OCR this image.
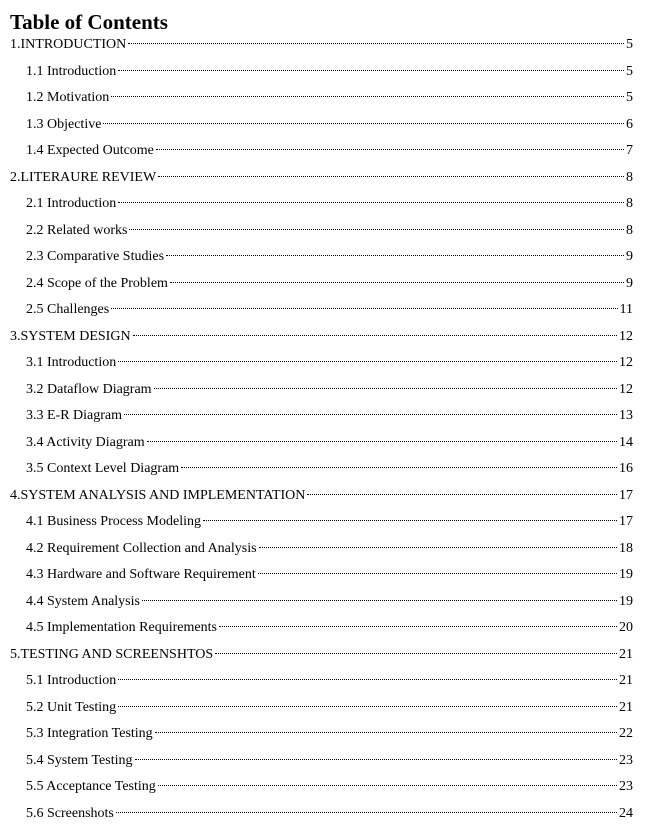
Table of Contents
1.INTRODUCTION	5
1.1 Introduction	5
1.2 Motivation	5
1.3 Objective	6
1.4 Expected Outcome	7
2.LITERAURE REVIEW	8
2.1 Introduction	8
2.2 Related works	8
2.3 Comparative Studies	9
2.4 Scope of the Problem	9
2.5 Challenges	11
3.SYSTEM DESIGN	12
3.1 Introduction	12
3.2 Dataflow Diagram	12
3.3 E-R Diagram	13
3.4 Activity Diagram	14
3.5 Context Level Diagram	16
4.SYSTEM ANALYSIS AND IMPLEMENTATION	17
4.1 Business Process Modeling	17
4.2 Requirement Collection and Analysis	18
4.3 Hardware and Software Requirement	19
4.4 System Analysis	19
4.5 Implementation Requirements	20
5.TESTING AND SCREENSHTOS	21
5.1 Introduction	21
5.2 Unit Testing	21
5.3 Integration Testing	22
5.4 System Testing	23
5.5 Acceptance Testing	23
5.6 Screenshots	24
